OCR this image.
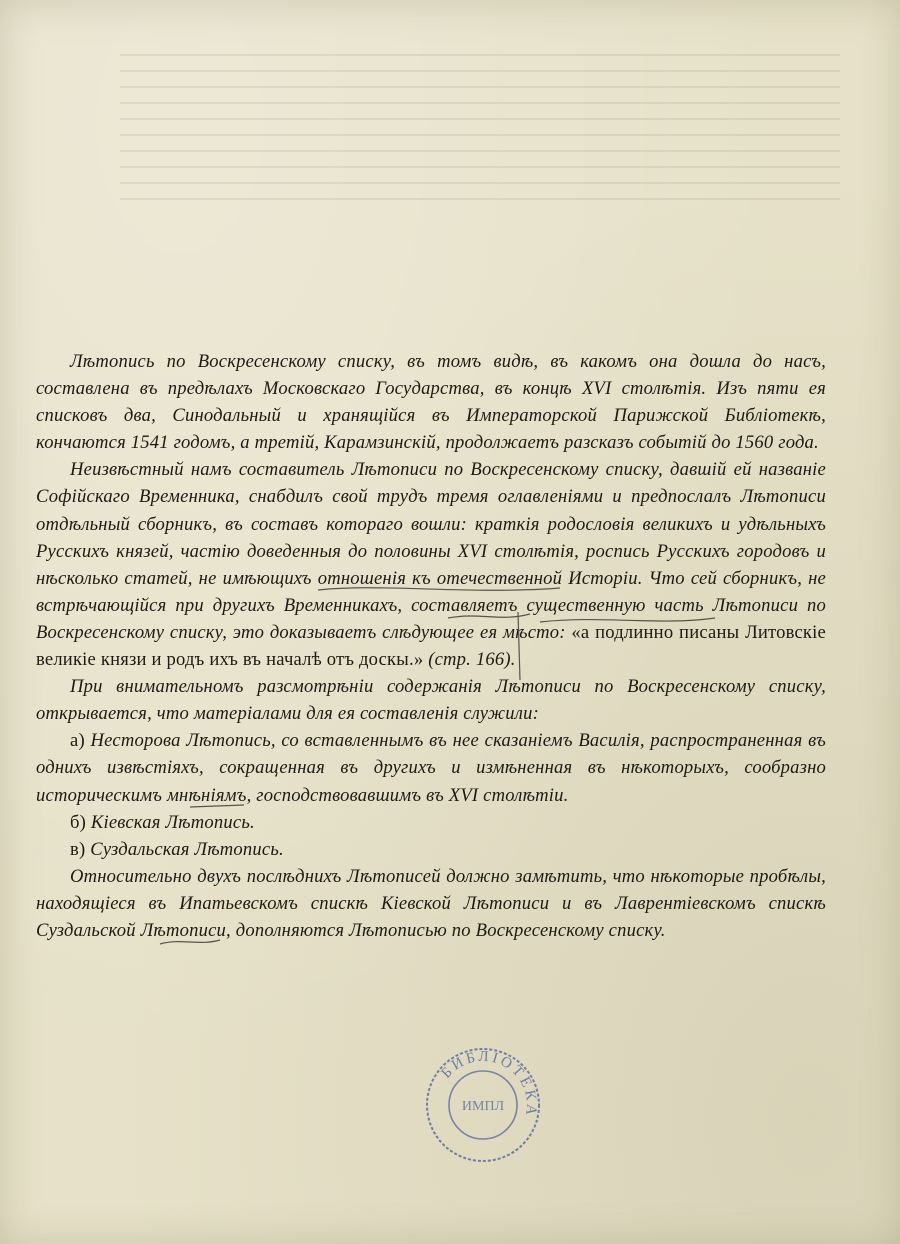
Лѣтопись по Воскресенскому списку, въ томъ видѣ, въ какомъ она дошла до насъ, составлена въ предѣлахъ Московскаго Государства, въ концѣ XVI столѣтія. Изъ пяти ея списковъ два, Синодальный и хранящійся въ Императорской Парижской Библіотекѣ, кончаются 1541 годомъ, а третій, Карамзинскій, продолжаетъ разсказъ событій до 1560 года.

Неизвѣстный намъ составитель Лѣтописи по Воскресенскому списку, давшій ей названіе Софійскаго Временника, снабдилъ свой трудъ тремя оглавленіями и предпослалъ Лѣтописи отдѣльный сборникъ, въ составъ котораго вошли: краткія родословія великихъ и удѣльныхъ Русскихъ князей, частію доведенныя до половины XVI столѣтія, роспись Русскихъ городовъ и нѣсколько статей, не имѣющихъ отношенія къ отечественной Исторіи. Что сей сборникъ, не встрѣчающійся при другихъ Временникахъ, составляетъ существенную часть Лѣтописи по Воскресенскому списку, это доказываетъ слѣдующее ея мѣсто: «а подлинно писаны Литовскіе великіе князи и родъ ихъ въ началѣ отъ доскы.» (стр. 166).

При внимательномъ разсмотрѣніи содержанія Лѣтописи по Воскресенскому списку, открывается, что матеріалами для ея составленія служили:

а) Несторова Лѣтопись, со вставленнымъ въ нее сказаніемъ Василія, распространенная въ однихъ извѣстіяхъ, сокращенная въ другихъ и измѣненная въ нѣкоторыхъ, сообразно историческимъ мнѣніямъ, господствовавшимъ въ XVI столѣтіи.

б) Кіевская Лѣтопись.

в) Суздальская Лѣтопись.

Относительно двухъ послѣднихъ Лѣтописей должно замѣтить, что нѣкоторые пробѣлы, находящіеся въ Ипатьевскомъ спискѣ Кіевской Лѣтописи и въ Лаврентіевскомъ спискѣ Суздальской Лѣтописи, дополняются Лѣтописью по Воскресенскому списку.

БИБЛІОТЕКА
ИМПЛ
